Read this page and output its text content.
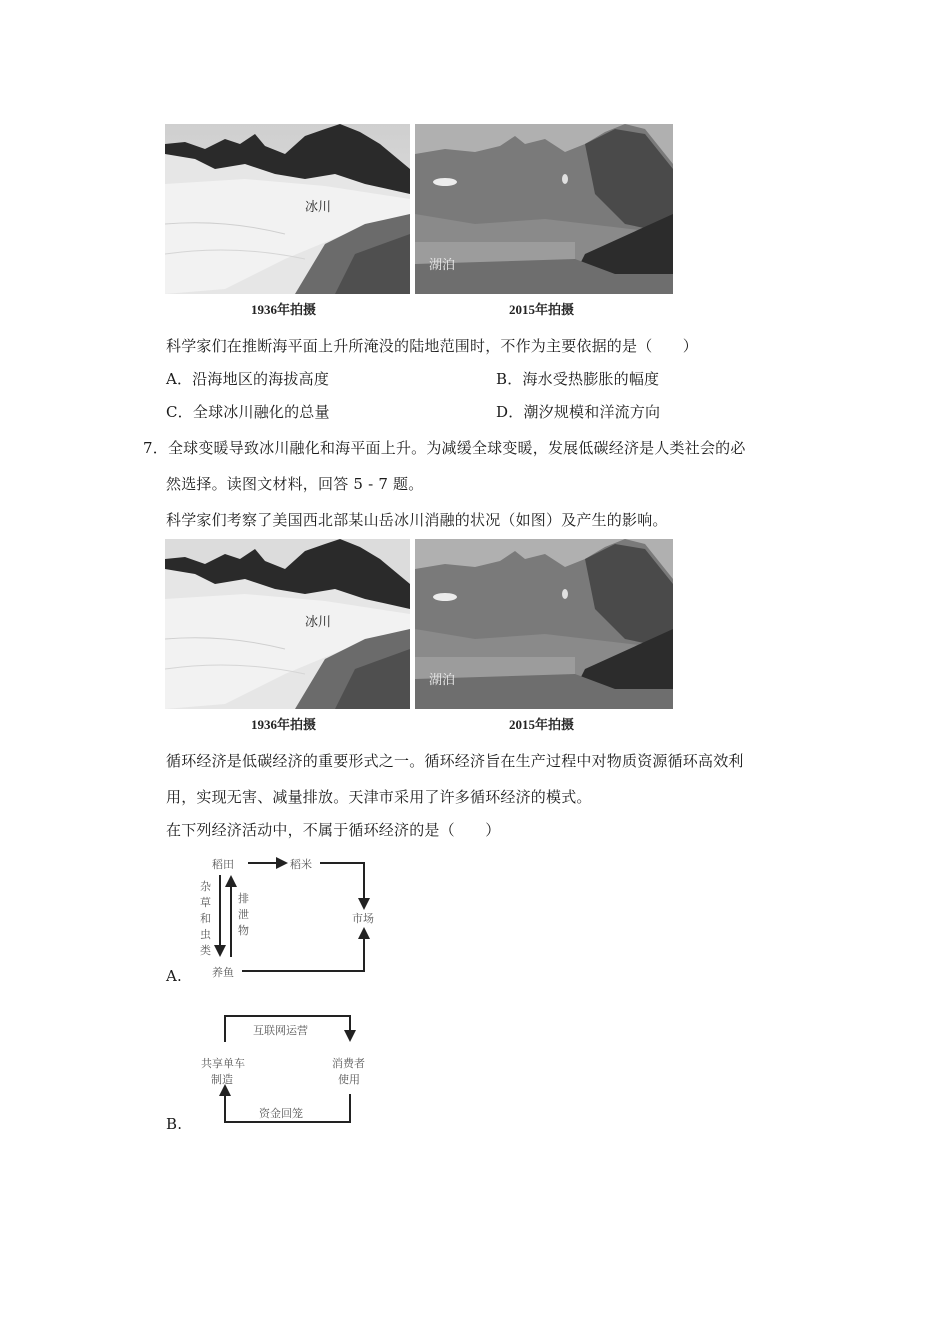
冰川
湖泊
1936年拍摄	2015年拍摄
科学家们在推断海平面上升所淹没的陆地范围时，不作为主要依据的是（　　）
A．沿海地区的海拔高度	B．海水受热膨胀的幅度
C．全球冰川融化的总量	D．潮汐规模和洋流方向
7．全球变暖导致冰川融化和海平面上升。为减缓全球变暖，发展低碳经济是人类社会的必
然选择。读图文材料，回答 5 - 7 题。
科学家们考察了美国西北部某山岳冰川消融的状况（如图）及产生的影响。
冰川
湖泊
1936年拍摄	2015年拍摄
循环经济是低碳经济的重要形式之一。循环经济旨在生产过程中对物质资源循环高效利
用，实现无害、减量排放。天津市采用了许多循环经济的模式。
在下列经济活动中，不属于循环经济的是（　　）
A.
稻田	稻米
市场
养鱼
杂草和虫类
排泄物
B.
互联网运营
共享单车
制造
消费者
使用
资金回笼
